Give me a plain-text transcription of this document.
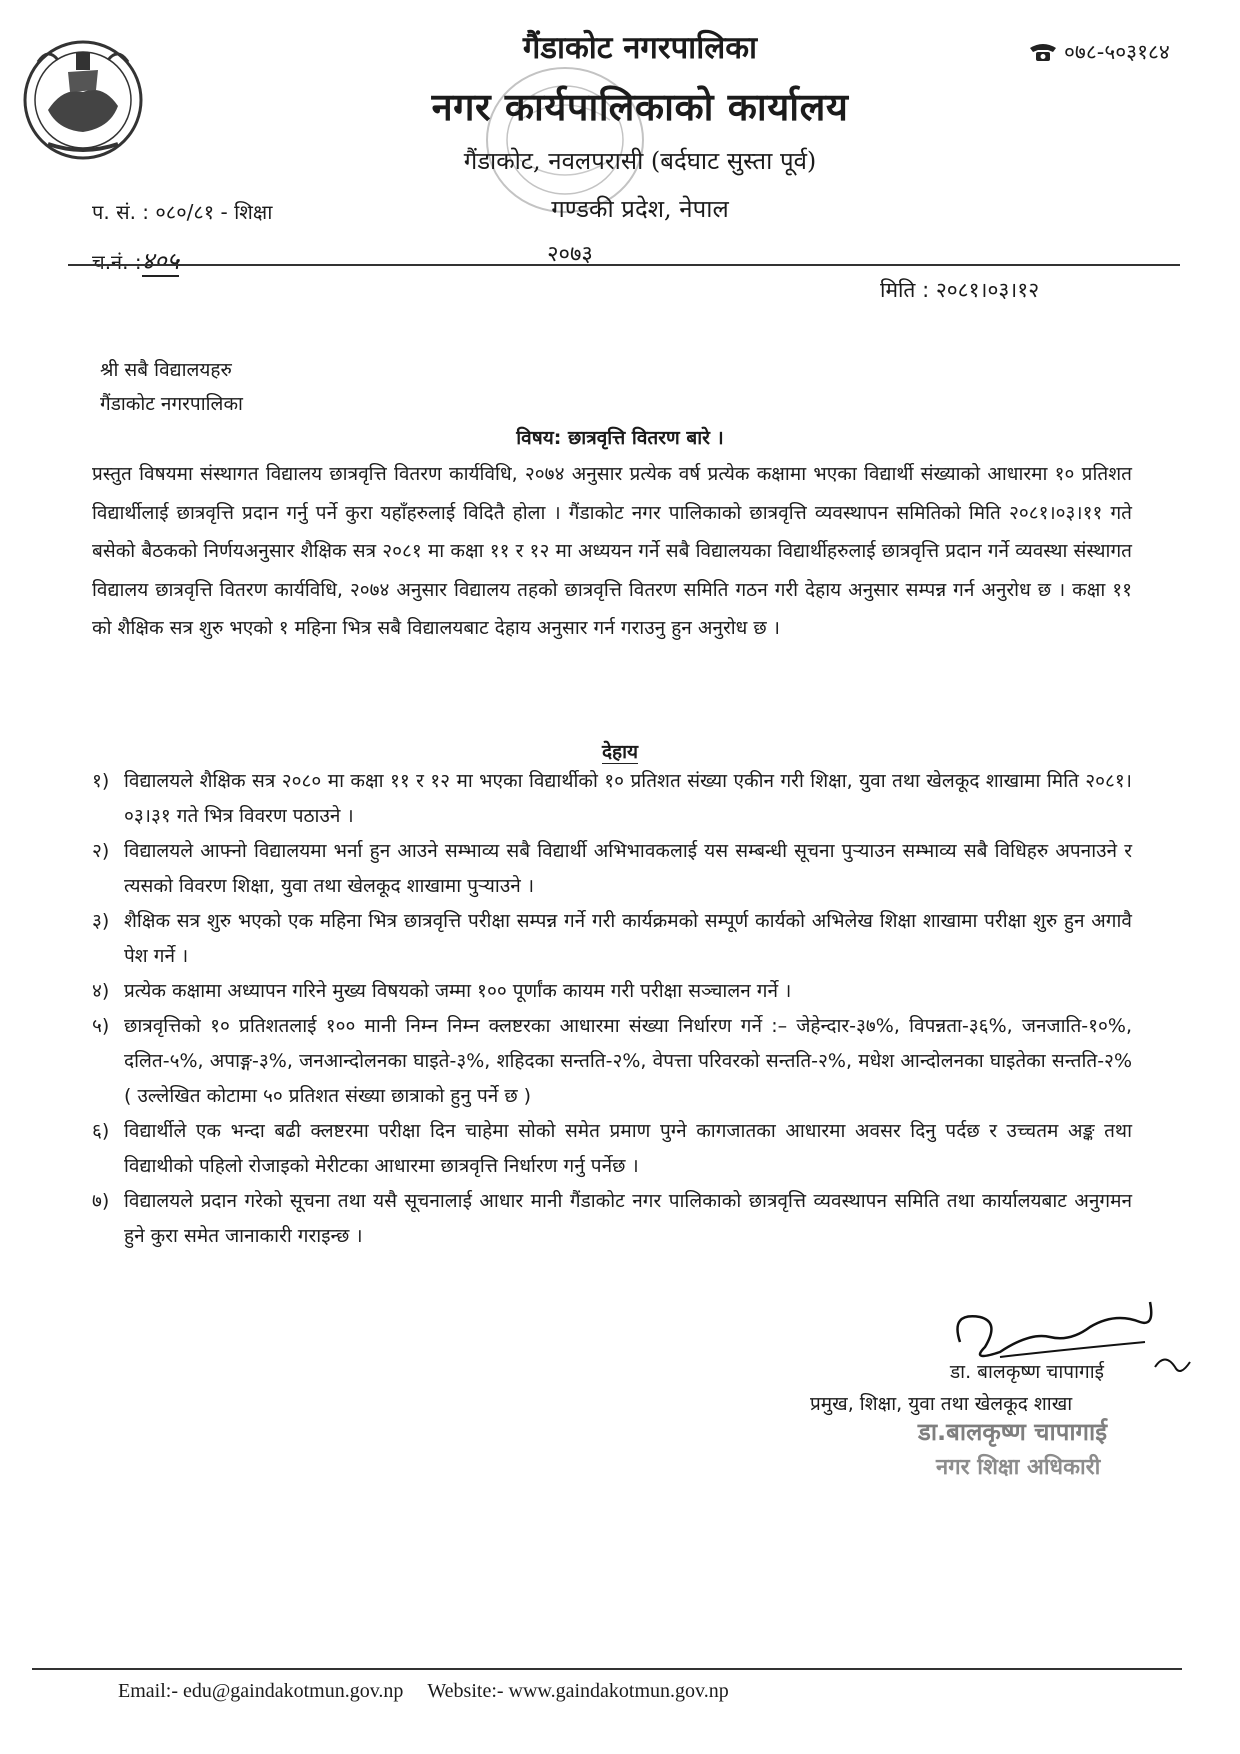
गैंडाकोट नगरपालिका
नगर कार्यपालिकाको कार्यालय
गैंडाकोट, नवलपरासी (बर्दघाट सुस्ता पूर्व)
गण्डकी प्रदेश, नेपाल
२०७३
०७८-५०३१८४
प. सं. : ०८०/८१ - शिक्षा
च.नं. :४०५
मिति : २०८१।०३।१२
श्री सबै विद्यालयहरु
गैंडाकोट नगरपालिका
विषय: छात्रवृत्ति वितरण बारे ।

प्रस्तुत विषयमा संस्थागत विद्यालय छात्रवृत्ति वितरण कार्यविधि, २०७४ अनुसार प्रत्येक वर्ष प्रत्येक कक्षामा भएका विद्यार्थी संख्याको आधारमा १० प्रतिशत विद्यार्थीलाई छात्रवृत्ति प्रदान गर्नु पर्ने कुरा यहाँहरुलाई विदितै होला । गैंडाकोट नगर पालिकाको छात्रवृत्ति व्यवस्थापन समितिको मिति २०८१।०३।११ गते बसेको बैठकको निर्णयअनुसार शैक्षिक सत्र २०८१ मा कक्षा ११ र १२ मा अध्ययन गर्ने सबै विद्यालयका विद्यार्थीहरुलाई छात्रवृत्ति प्रदान गर्ने व्यवस्था संस्थागत विद्यालय छात्रवृत्ति वितरण कार्यविधि, २०७४ अनुसार विद्यालय तहको छात्रवृत्ति वितरण समिति गठन गरी देहाय अनुसार सम्पन्न गर्न अनुरोध छ । कक्षा ११ को शैक्षिक सत्र शुरु भएको १ महिना भित्र सबै विद्यालयबाट देहाय अनुसार गर्न गराउनु हुन अनुरोध छ ।

देहाय
१) विद्यालयले शैक्षिक सत्र २०८० मा कक्षा ११ र १२ मा भएका विद्यार्थीको १० प्रतिशत संख्या एकीन गरी शिक्षा, युवा तथा खेलकूद शाखामा मिति २०८१।०३।३१ गते भित्र विवरण पठाउने ।
२) विद्यालयले आफ्नो विद्यालयमा भर्ना हुन आउने सम्भाव्य सबै विद्यार्थी अभिभावकलाई यस सम्बन्धी सूचना पुर्‍याउन सम्भाव्य सबै विधिहरु अपनाउने र त्यसको विवरण शिक्षा, युवा तथा खेलकूद शाखामा पुर्‍याउने ।
३) शैक्षिक सत्र शुरु भएको एक महिना भित्र छात्रवृत्ति परीक्षा सम्पन्न गर्ने गरी कार्यक्रमको सम्पूर्ण कार्यको अभिलेख शिक्षा शाखामा परीक्षा शुरु हुन अगावै पेश गर्ने ।
४) प्रत्येक कक्षामा अध्यापन गरिने मुख्य विषयको जम्मा १०० पूर्णांक कायम गरी परीक्षा सञ्चालन गर्ने ।
५) छात्रवृत्तिको १० प्रतिशतलाई १०० मानी निम्न निम्न क्लष्टरका आधारमा संख्या निर्धारण गर्ने :– जेहेन्दार-३७%, विपन्नता-३६%, जनजाति-१०%, दलित-५%, अपाङ्ग-३%, जनआन्दोलनका घाइते-३%, शहिदका सन्तति-२%, वेपत्ता परिवरको सन्तति-२%, मधेश आन्दोलनका घाइतेका सन्तति-२% ( उल्लेखित कोटामा ५० प्रतिशत संख्या छात्राको हुनु पर्ने छ )
६) विद्यार्थीले एक भन्दा बढी क्लष्टरमा परीक्षा दिन चाहेमा सोको समेत प्रमाण पुग्ने कागजातका आधारमा अवसर दिनु पर्दछ र उच्चतम अङ्क तथा विद्याथीको पहिलो रोजाइको मेरीटका आधारमा छात्रवृत्ति निर्धारण गर्नु पर्नेछ ।
७) विद्यालयले प्रदान गरेको सूचना तथा यसै सूचनालाई आधार मानी गैंडाकोट नगर पालिकाको छात्रवृत्ति व्यवस्थापन समिति तथा कार्यालयबाट अनुगमन हुने कुरा समेत जानाकारी गराइन्छ ।
डा. बालकृष्ण चापागाई
प्रमुख, शिक्षा, युवा तथा खेलकूद शाखा
डा.बालकृष्ण चापागाई
नगर शिक्षा अधिकारी
Email:- edu@gaindakotmun.gov.np Website:- www.gaindakotmun.gov.np
